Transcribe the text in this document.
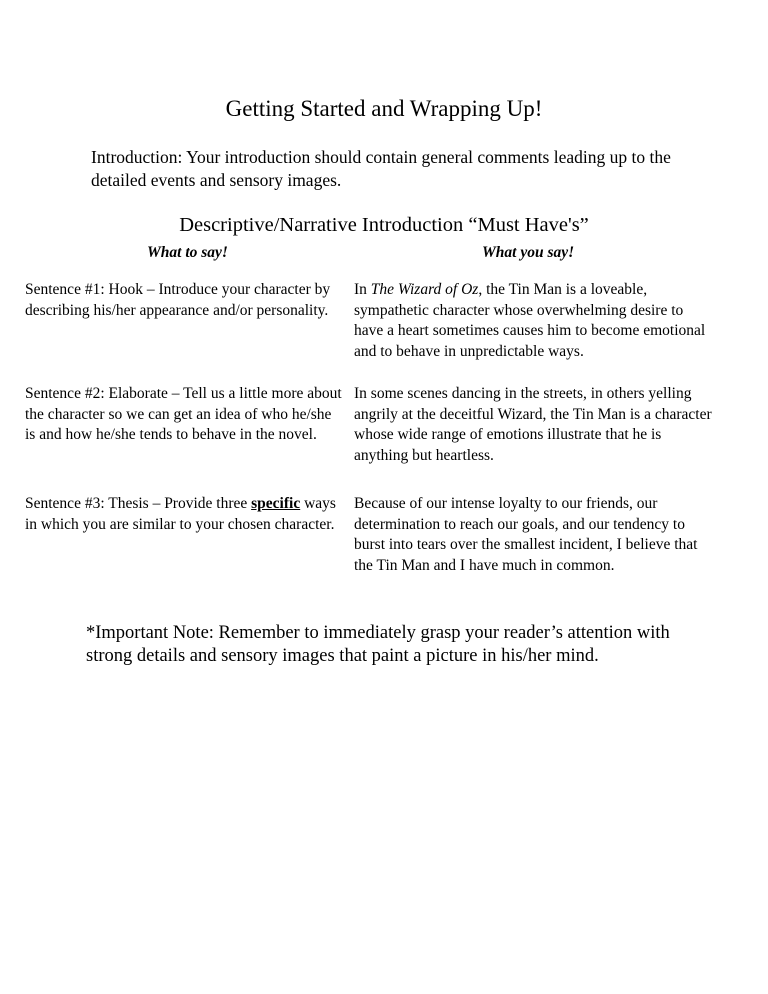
Getting Started and Wrapping Up!
Introduction: Your introduction should contain general comments leading up to the detailed events and sensory images.
Descriptive/Narrative Introduction “Must Have's”
What to say!	What you say!
Sentence #1: Hook – Introduce your character by describing his/her appearance and/or personality.
In The Wizard of Oz, the Tin Man is a loveable, sympathetic character whose overwhelming desire to have a heart sometimes causes him to become emotional and to behave in unpredictable ways.
Sentence #2: Elaborate – Tell us a little more about the character so we can get an idea of who he/she is and how he/she tends to behave in the novel.
In some scenes dancing in the streets, in others yelling angrily at the deceitful Wizard, the Tin Man is a character whose wide range of emotions illustrate that he is anything but heartless.
Sentence #3: Thesis – Provide three specific ways in which you are similar to your chosen character.
Because of our intense loyalty to our friends, our determination to reach our goals, and our tendency to burst into tears over the smallest incident, I believe that the Tin Man and I have much in common.
*Important Note: Remember to immediately grasp your reader’s attention with strong details and sensory images that paint a picture in his/her mind.
